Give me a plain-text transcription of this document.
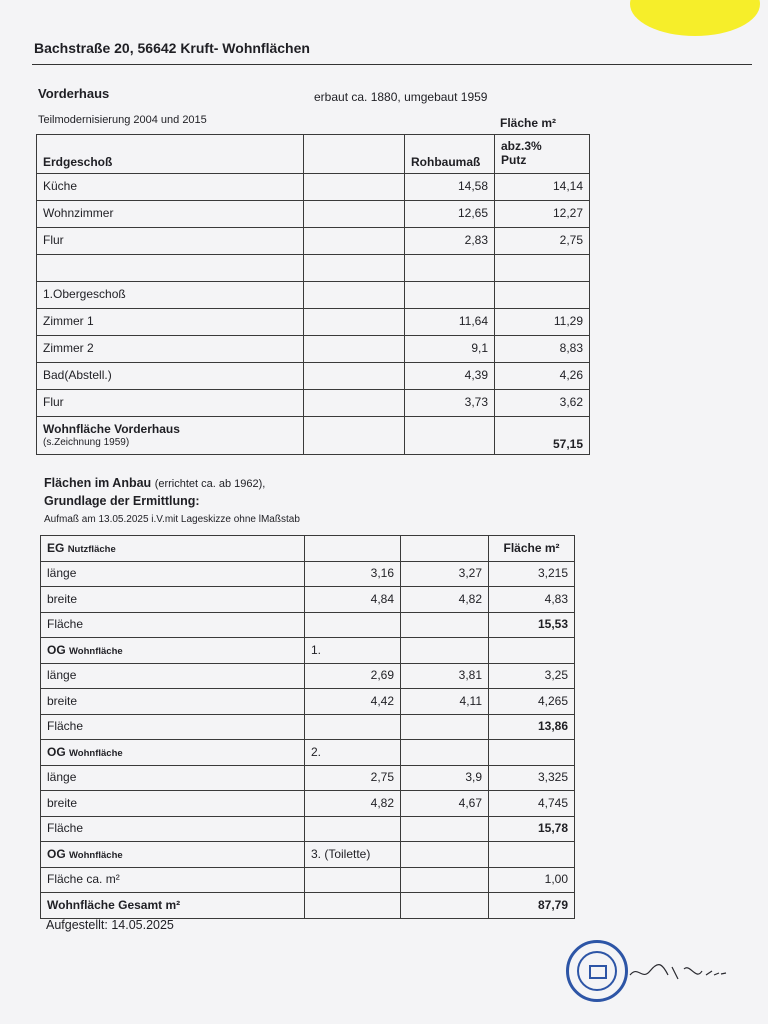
Bachstraße 20, 56642 Kruft- Wohnflächen
Vorderhaus	erbaut ca. 1880, umgebaut 1959
Teilmodernisierung 2004 und 2015	Fläche m²
Erdgeschoß		Rohbaumaß	abz.3%
Putz

Küche		14,58	14,14
Wohnzimmer		12,65	12,27
Flur		2,83	2,75

1.Obergeschoß			
Zimmer 1		11,64	11,29
Zimmer 2		9,1	8,83
Bad(Abstell.)		4,39	4,26
Flur		3,73	3,62

Wohnfläche Vorderhaus
(s.Zeichnung 1959)			57,15
Flächen im Anbau (errichtet ca. ab 1962),
Grundlage der Ermittlung:
Aufmaß am 13.05.2025 i.V.mit Lageskizze ohne lMaßstab
EG Nutzfläche			Fläche m²
länge	3,16	3,27	3,215
breite	4,84	4,82	4,83
Fläche			15,53
OG Wohnfläche	1.		
länge	2,69	3,81	3,25
breite	4,42	4,11	4,265
Fläche			13,86
OG Wohnfläche	2.		
länge	2,75	3,9	3,325
breite	4,82	4,67	4,745
Fläche			15,78
OG Wohnfläche	3. (Toilette)		
Fläche ca. m²			1,00
Wohnfläche Gesamt m²			87,79
Aufgestellt: 14.05.2025
